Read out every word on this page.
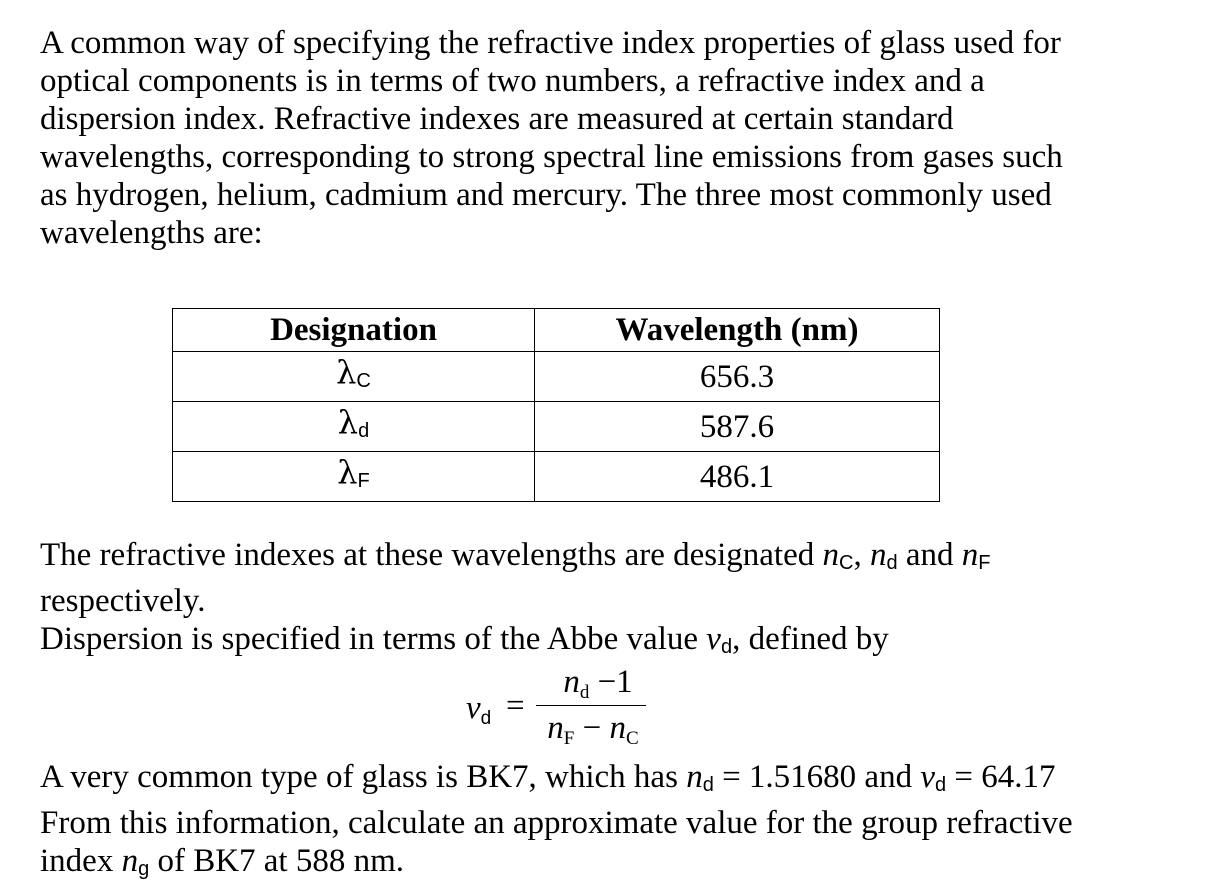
A common way of specifying the refractive index properties of glass used for

optical components is in terms of two numbers, a refractive index and a

dispersion index. Refractive indexes are measured at certain standard

wavelengths, corresponding to strong spectral line emissions from gases such

as hydrogen, helium, cadmium and mercury. The three most commonly used

wavelengths are:

Designation	Wavelength (nm)
$\lambda_C$	656.3
$\lambda_d$	587.6
$\lambda_F$	486.1

The refractive indexes at these wavelengths are designated $n_C$, $n_d$ and $n_F$

respectively.

Dispersion is specified in terms of the Abbe value $v_d$, defined by

$v_d$ =
nd −1
nF − nC

A very common type of glass is BK7, which has $n_d = 1.51680$ and $v_d = 64.17$

From this information, calculate an approximate value for the group refractive

index $n_g$ of BK7 at 588 nm.
